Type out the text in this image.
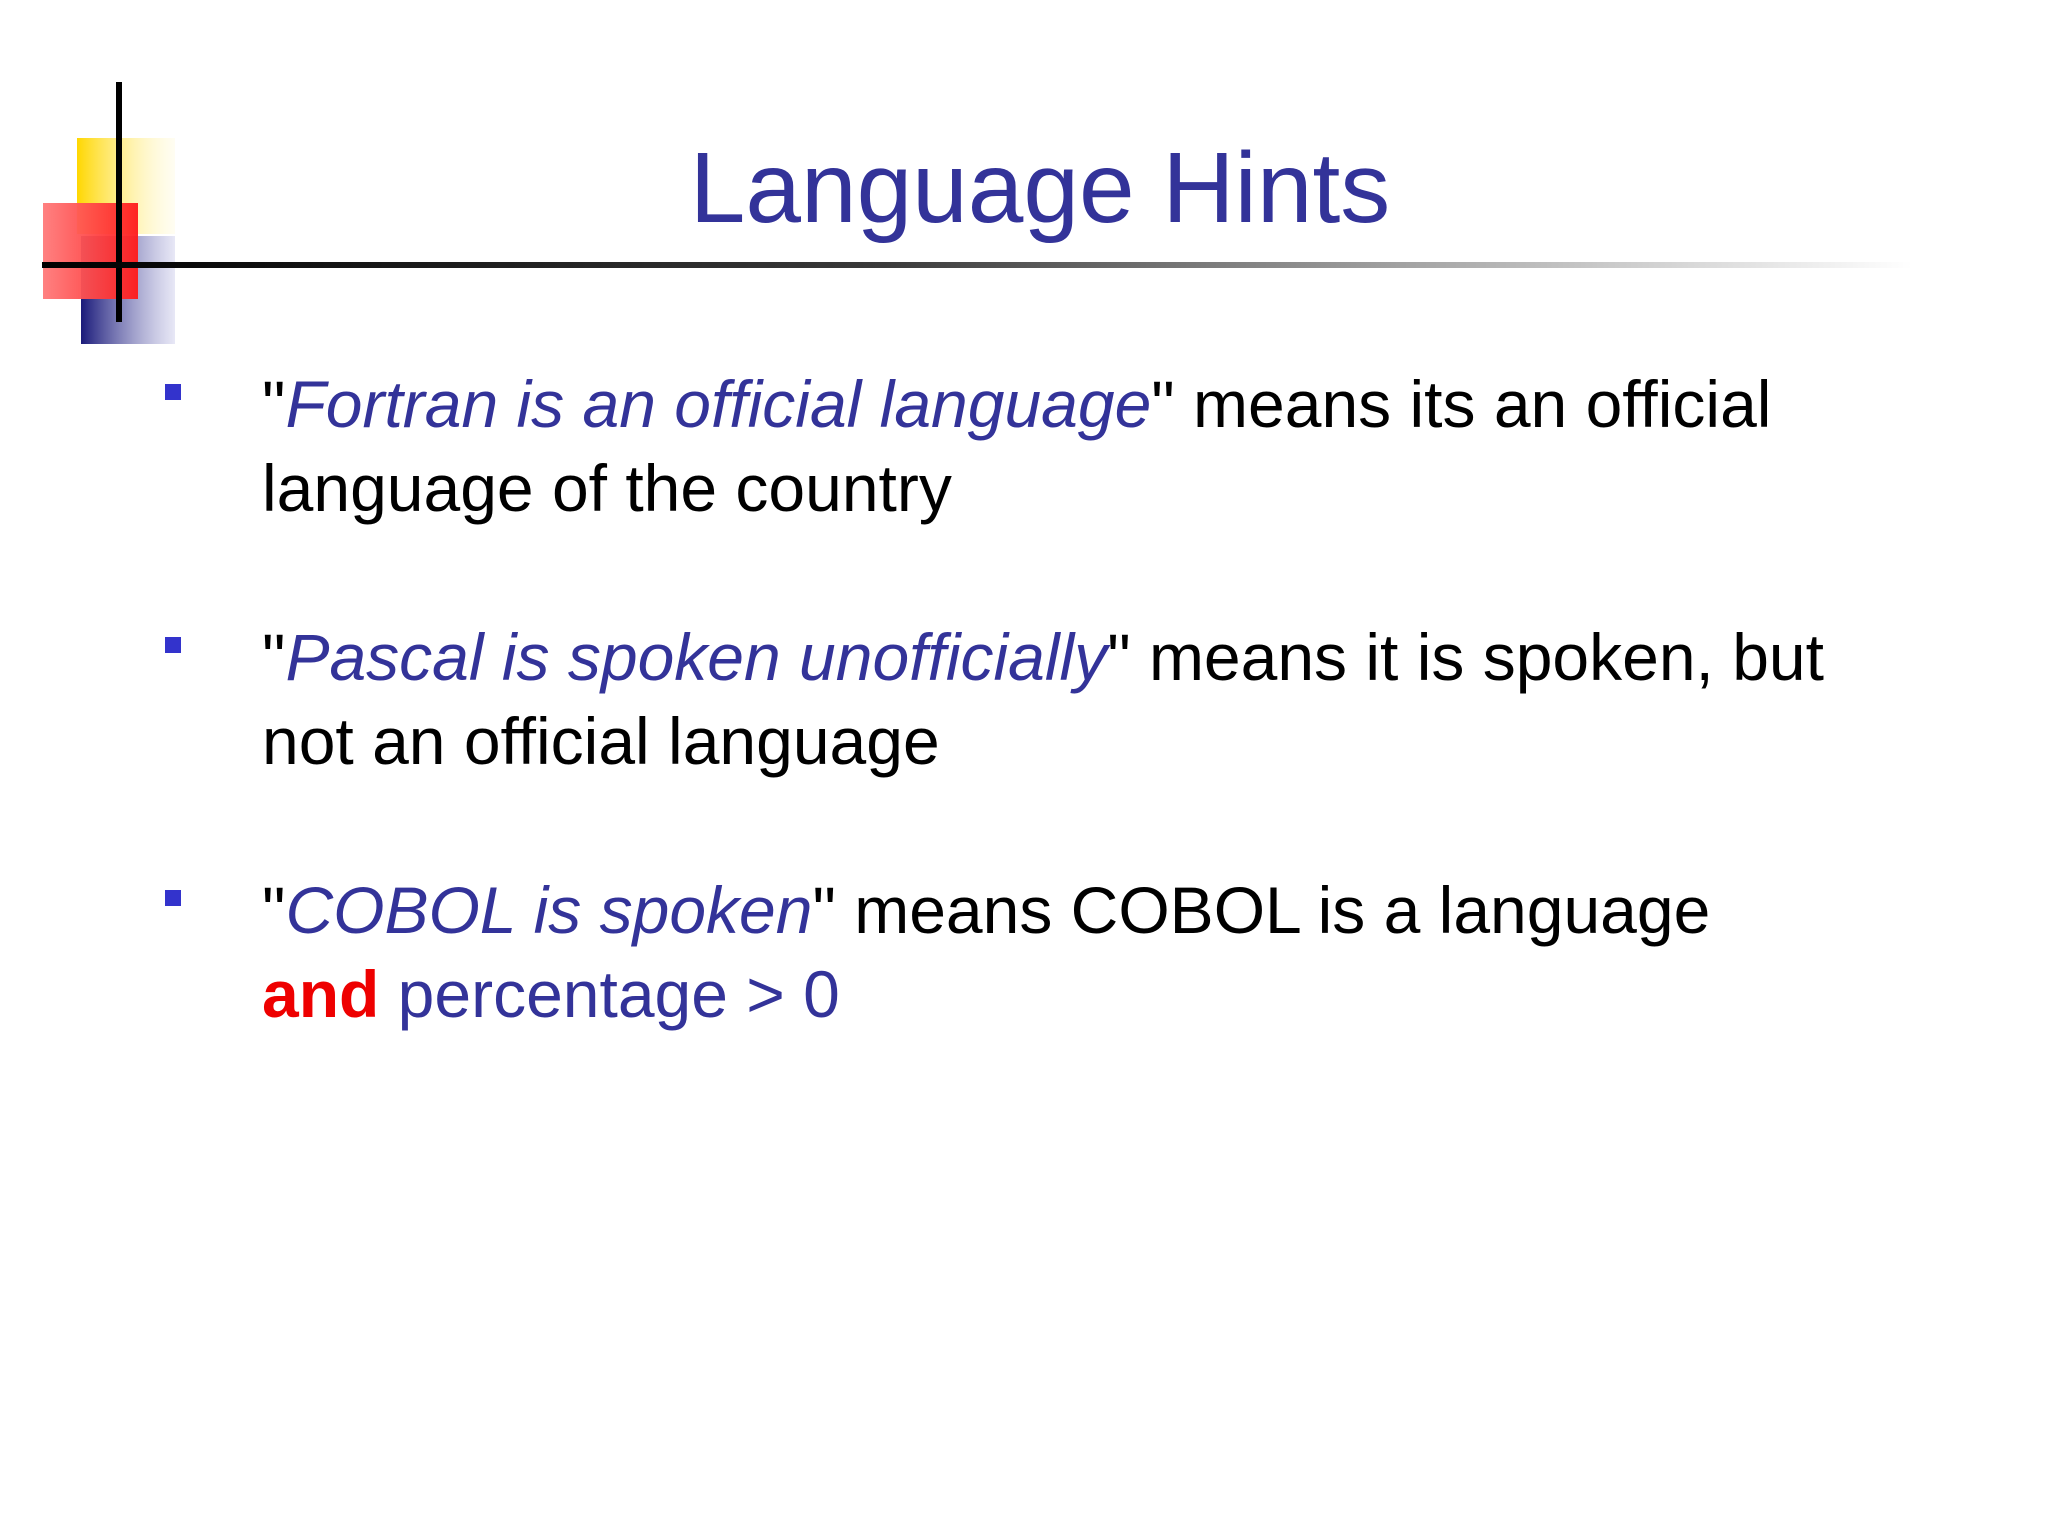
Language Hints
"Fortran is an official language" means its an official
language of the country
"Pascal is spoken unofficially" means it is spoken, but
not an official language
"COBOL is spoken" means COBOL is a language
and percentage > 0
